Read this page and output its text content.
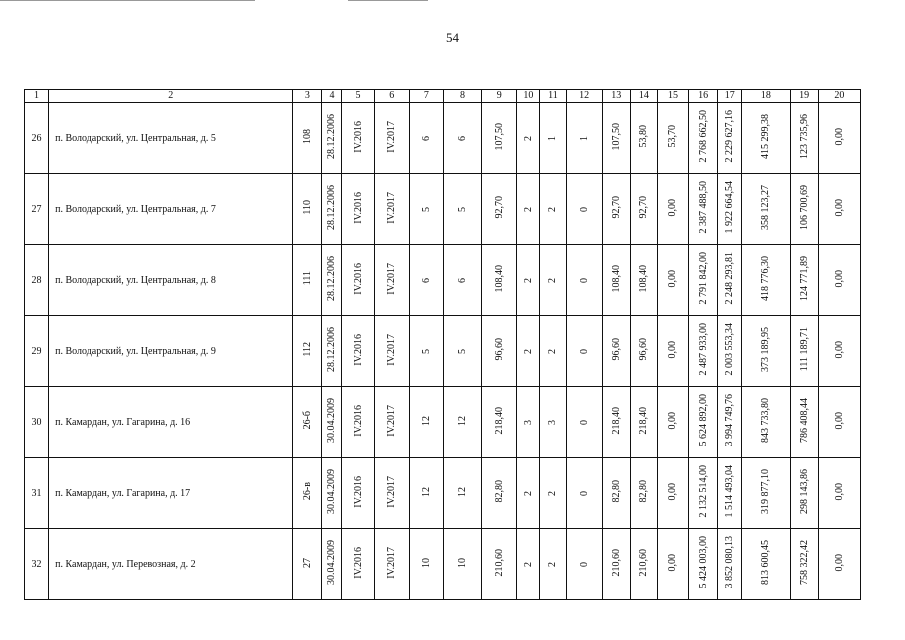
54
1	2	3	4	5	6	7	8	9	10	11	12	13	14	15	16	17	18	19	20
26	п. Володарский, ул. Центральная, д. 5	108	28.12.2006	IV.2016	IV.2017	6	6	107,50	2	1	1	107,50	53,80	53,70	2 768 662,50	2 229 627,16	415 299,38	123 735,96	0,00
27	п. Володарский, ул. Центральная, д. 7	110	28.12.2006	IV.2016	IV.2017	5	5	92,70	2	2	0	92,70	92,70	0,00	2 387 488,50	1 922 664,54	358 123,27	106 700,69	0,00
28	п. Володарский, ул. Центральная, д. 8	111	28.12.2006	IV.2016	IV.2017	6	6	108,40	2	2	0	108,40	108,40	0,00	2 791 842,00	2 248 293,81	418 776,30	124 771,89	0,00
29	п. Володарский, ул. Центральная, д. 9	112	28.12.2006	IV.2016	IV.2017	5	5	96,60	2	2	0	96,60	96,60	0,00	2 487 933,00	2 003 553,34	373 189,95	111 189,71	0,00
30	п. Камардан, ул. Гагарина, д. 16	26-б	30.04.2009	IV.2016	IV.2017	12	12	218,40	3	3	0	218,40	218,40	0,00	5 624 892,00	3 994 749,76	843 733,80	786 408,44	0,00
31	п. Камардан, ул. Гагарина, д. 17	26-в	30.04.2009	IV.2016	IV.2017	12	12	82,80	2	2	0	82,80	82,80	0,00	2 132 514,00	1 514 493,04	319 877,10	298 143,86	0,00
32	п. Камардан, ул. Перевозная, д. 2	27	30.04.2009	IV.2016	IV.2017	10	10	210,60	2	2	0	210,60	210,60	0,00	5 424 003,00	3 852 080,13	813 600,45	758 322,42	0,00
